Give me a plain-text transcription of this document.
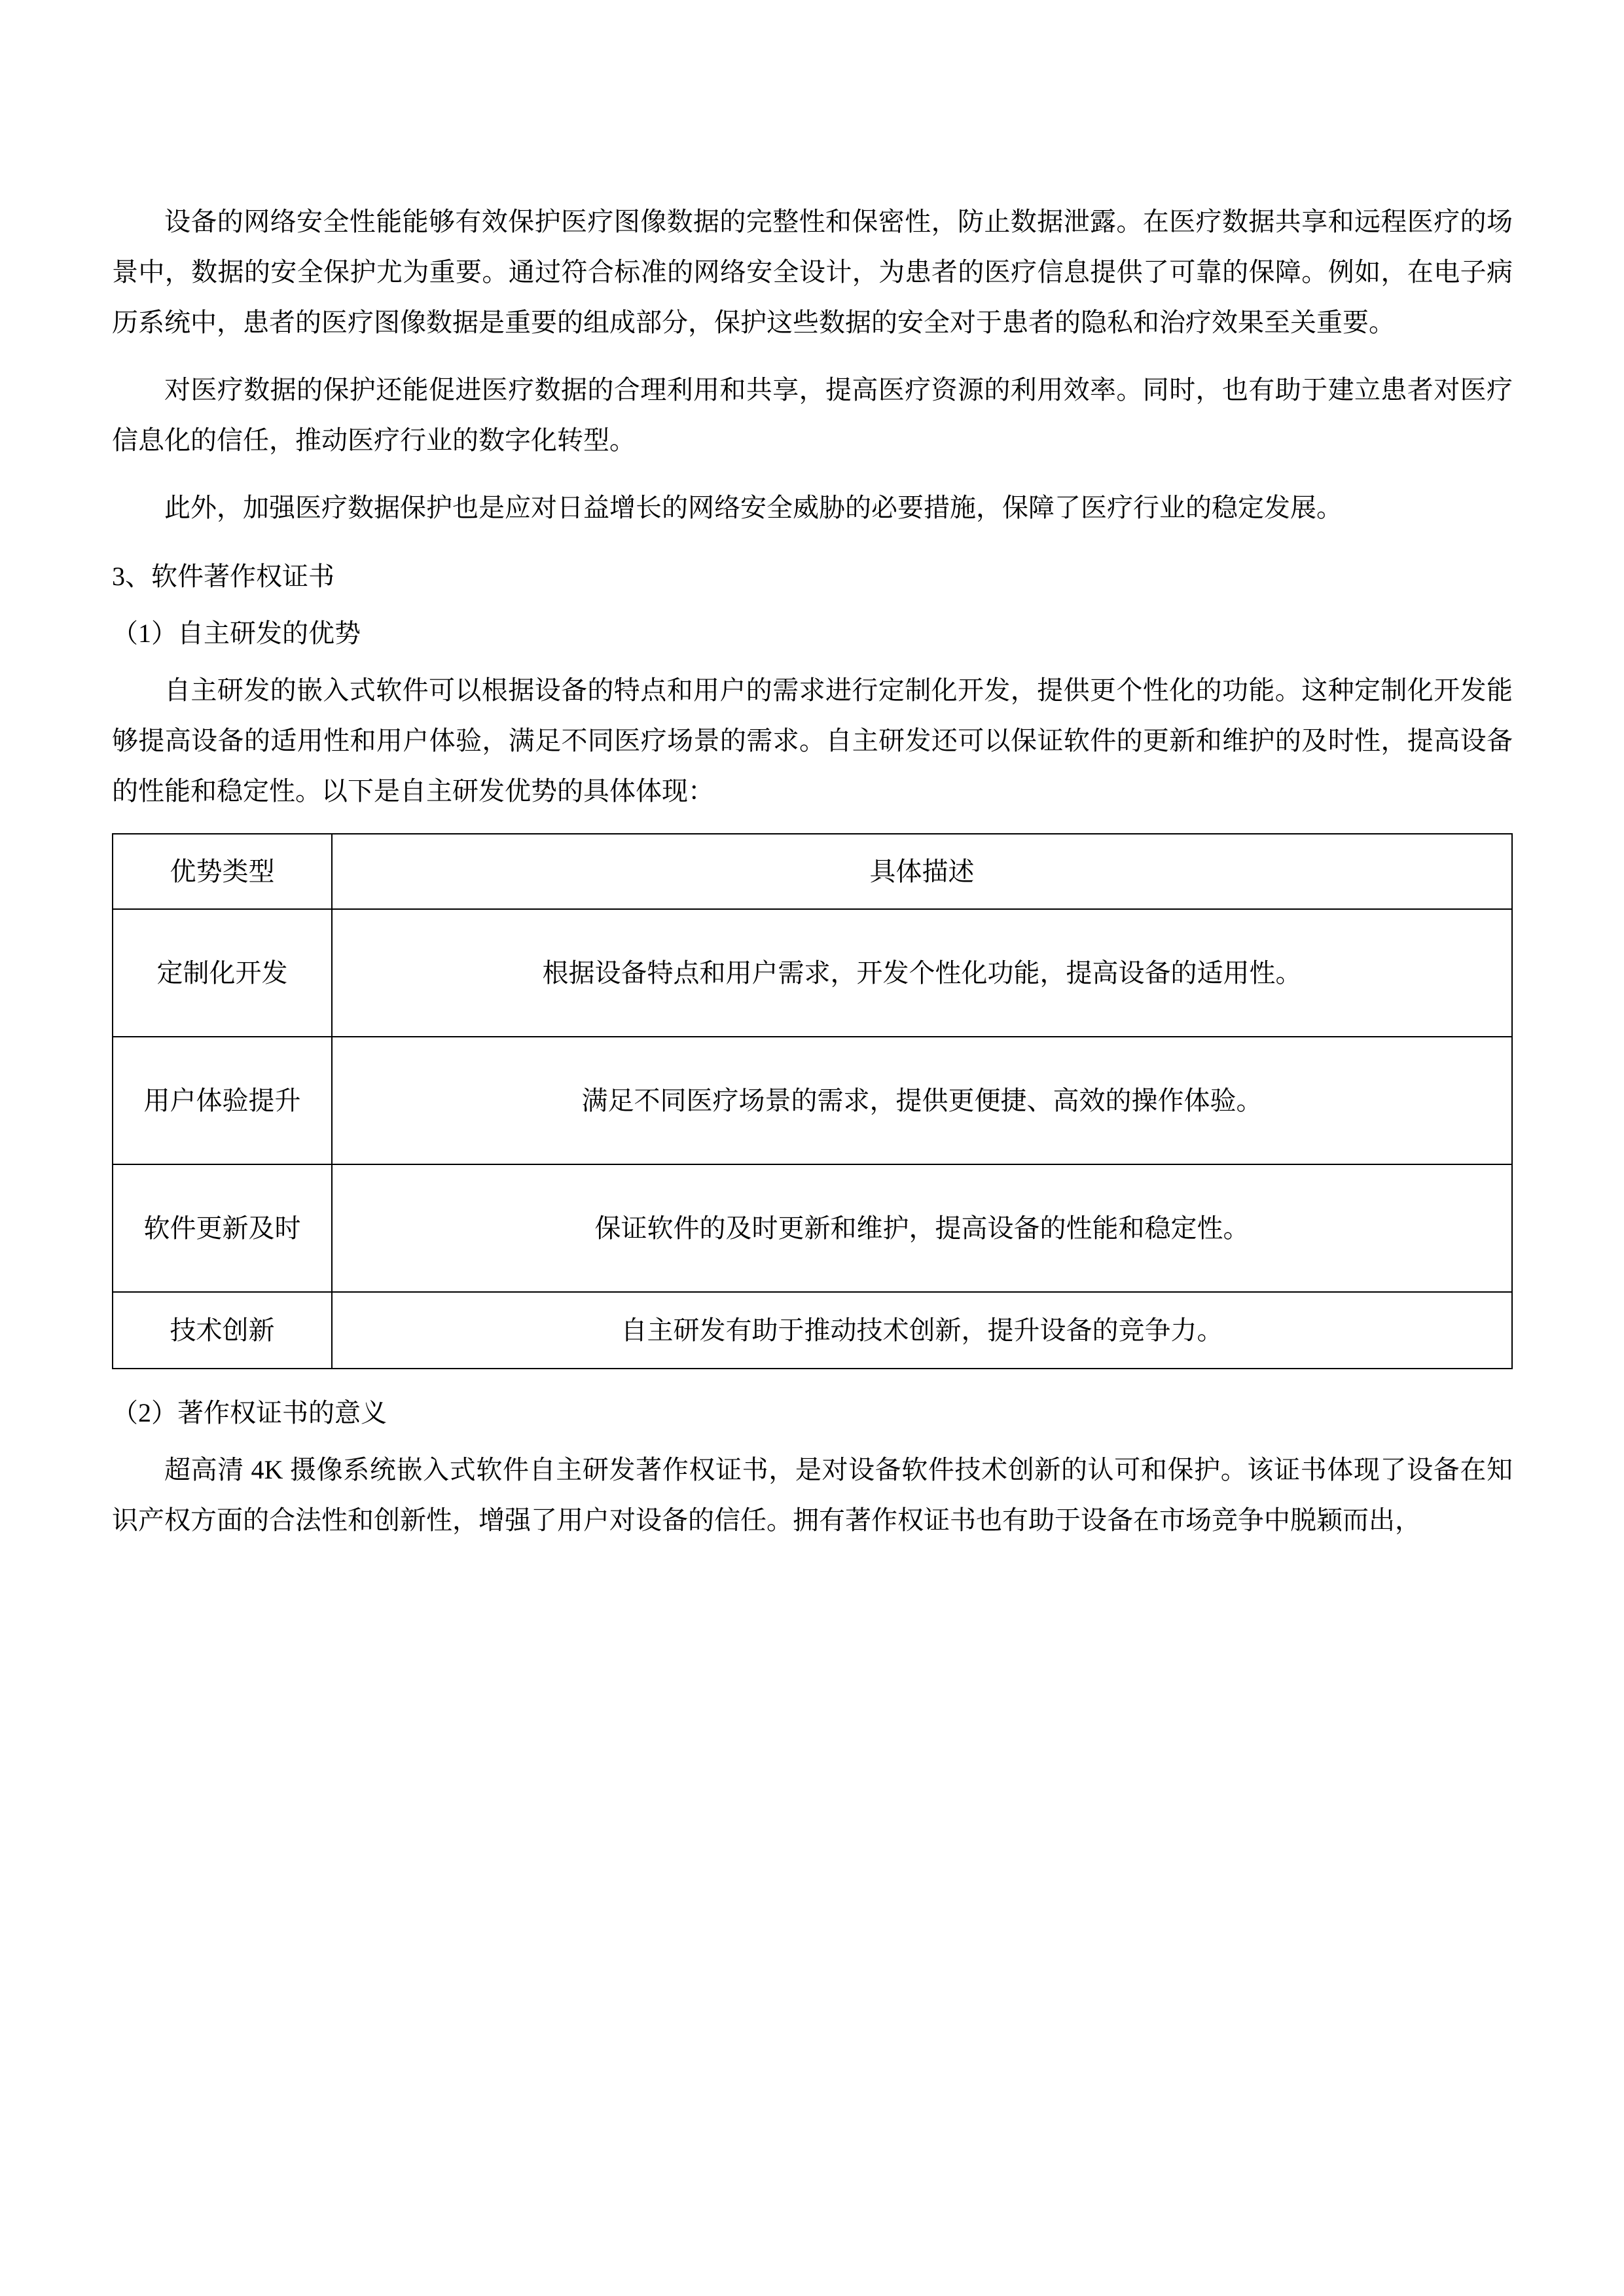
设备的网络安全性能能够有效保护医疗图像数据的完整性和保密性，防止数据泄露。在医疗数据共享和远程医疗的场景中，数据的安全保护尤为重要。通过符合标准的网络安全设计，为患者的医疗信息提供了可靠的保障。例如，在电子病历系统中，患者的医疗图像数据是重要的组成部分，保护这些数据的安全对于患者的隐私和治疗效果至关重要。

对医疗数据的保护还能促进医疗数据的合理利用和共享，提高医疗资源的利用效率。同时，也有助于建立患者对医疗信息化的信任，推动医疗行业的数字化转型。

此外，加强医疗数据保护也是应对日益增长的网络安全威胁的必要措施，保障了医疗行业的稳定发展。

3、软件著作权证书
（1）自主研发的优势

自主研发的嵌入式软件可以根据设备的特点和用户的需求进行定制化开发，提供更个性化的功能。这种定制化开发能够提高设备的适用性和用户体验，满足不同医疗场景的需求。自主研发还可以保证软件的更新和维护的及时性，提高设备的性能和稳定性。以下是自主研发优势的具体体现：

优势类型	具体描述
定制化开发	根据设备特点和用户需求，开发个性化功能，提高设备的适用性。
用户体验提升	满足不同医疗场景的需求，提供更便捷、高效的操作体验。
软件更新及时	保证软件的及时更新和维护，提高设备的性能和稳定性。
技术创新	自主研发有助于推动技术创新，提升设备的竞争力。
（2）著作权证书的意义

超高清 4K 摄像系统嵌入式软件自主研发著作权证书，是对设备软件技术创新的认可和保护。该证书体现了设备在知识产权方面的合法性和创新性，增强了用户对设备的信任。拥有著作权证书也有助于设备在市场竞争中脱颖而出，
